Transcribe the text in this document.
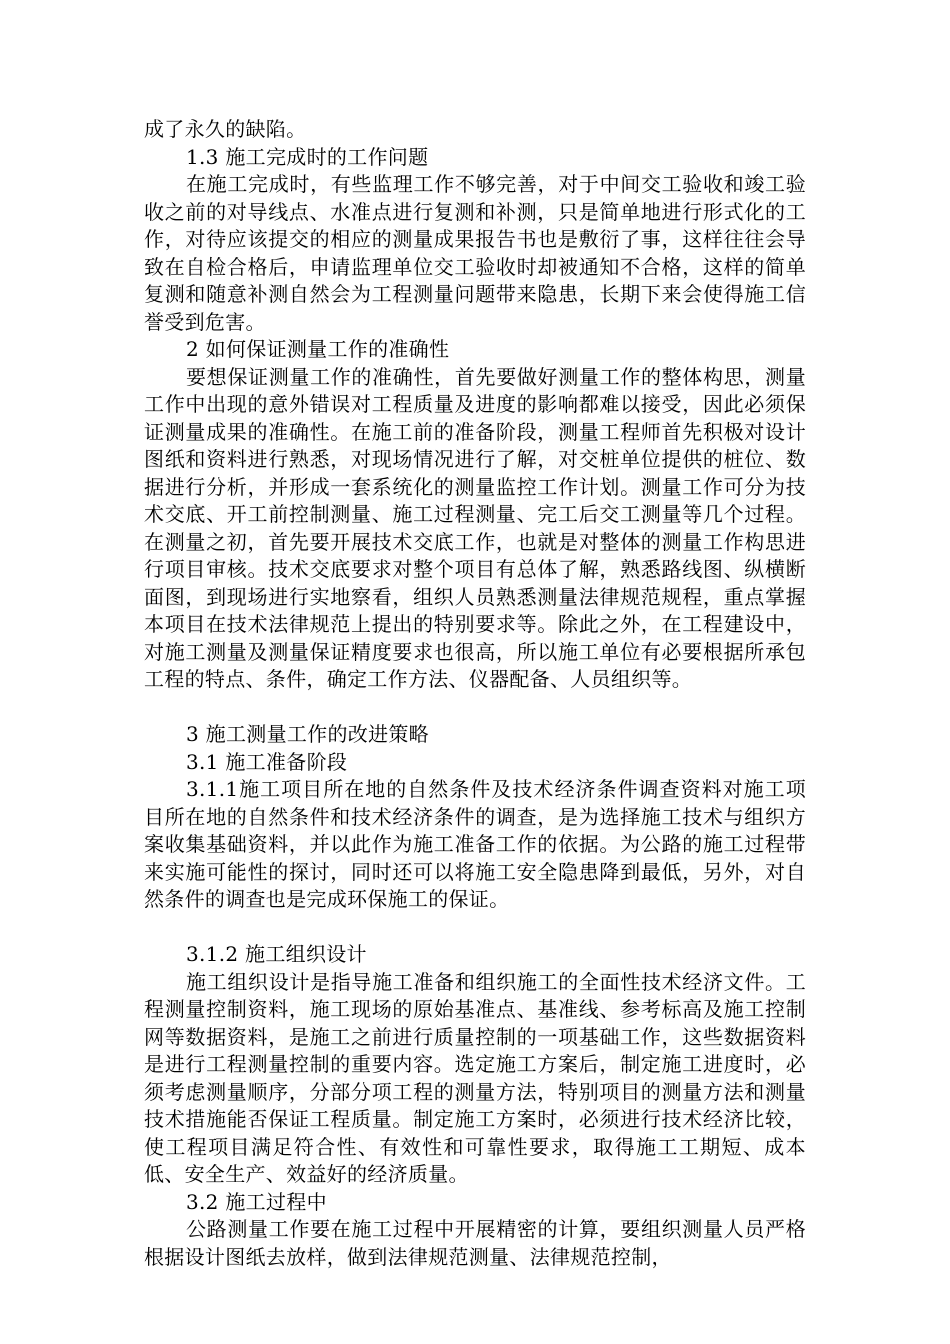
成了永久的缺陷。

1.3 施工完成时的工作问题

在施工完成时，有些监理工作不够完善，对于中间交工验收和竣工验收之前的对导线点、水准点进行复测和补测，只是简单地进行形式化的工作，对待应该提交的相应的测量成果报告书也是敷衍了事，这样往往会导致在自检合格后，申请监理单位交工验收时却被通知不合格，这样的简单复测和随意补测自然会为工程测量问题带来隐患，长期下来会使得施工信誉受到危害。

2 如何保证测量工作的准确性

要想保证测量工作的准确性，首先要做好测量工作的整体构思，测量工作中出现的意外错误对工程质量及进度的影响都难以接受，因此必须保证测量成果的准确性。在施工前的准备阶段，测量工程师首先积极对设计图纸和资料进行熟悉，对现场情况进行了解，对交桩单位提供的桩位、数据进行分析，并形成一套系统化的测量监控工作计划。测量工作可分为技术交底、开工前控制测量、施工过程测量、完工后交工测量等几个过程。在测量之初，首先要开展技术交底工作，也就是对整体的测量工作构思进行项目审核。技术交底要求对整个项目有总体了解，熟悉路线图、纵横断面图，到现场进行实地察看，组织人员熟悉测量法律规范规程，重点掌握本项目在技术法律规范上提出的特别要求等。除此之外，在工程建设中，对施工测量及测量保证精度要求也很高，所以施工单位有必要根据所承包工程的特点、条件，确定工作方法、仪器配备、人员组织等。

3 施工测量工作的改进策略

3.1 施工准备阶段

3.1.1施工项目所在地的自然条件及技术经济条件调查资料对施工项目所在地的自然条件和技术经济条件的调查，是为选择施工技术与组织方案收集基础资料，并以此作为施工准备工作的依据。为公路的施工过程带来实施可能性的探讨，同时还可以将施工安全隐患降到最低，另外，对自然条件的调查也是完成环保施工的保证。

3.1.2 施工组织设计

施工组织设计是指导施工准备和组织施工的全面性技术经济文件。工程测量控制资料，施工现场的原始基准点、基准线、参考标高及施工控制网等数据资料，是施工之前进行质量控制的一项基础工作，这些数据资料是进行工程测量控制的重要内容。选定施工方案后，制定施工进度时，必须考虑测量顺序，分部分项工程的测量方法，特别项目的测量方法和测量技术措施能否保证工程质量。制定施工方案时，必须进行技术经济比较，使工程项目满足符合性、有效性和可靠性要求，取得施工工期短、成本低、安全生产、效益好的经济质量。

3.2 施工过程中

公路测量工作要在施工过程中开展精密的计算，要组织测量人员严格根据设计图纸去放样，做到法律规范测量、法律规范控制，
